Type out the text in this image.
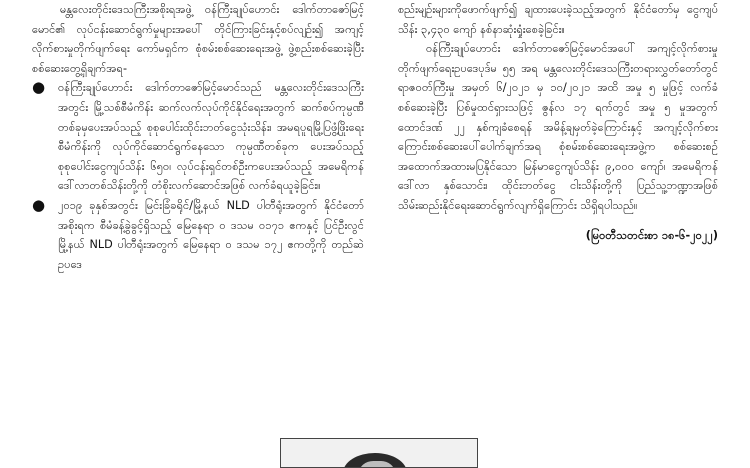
မန္တလေးတိုင်းဒေသကြီးအစိုးရအဖွဲ့ ဝန်ကြီးချုပ်ဟောင်း ဒေါက်တာဇော်မြင့်မောင်၏ လုပ်ငန်းဆောင်ရွက်မှုများအပေါ် တိုင်ကြားခြင်းနှင့်စပ်လျဉ်း၍ အကျင့်လိုက်စားမှုတိုက်ဖျက်ရေး ကော်မရှင်က စုံစမ်းစစ်ဆေးရေးအဖွဲ့ ဖွဲ့စည်းစစ်ဆေးခဲ့ပြီး စစ်ဆေးတွေ့ရှိချက်အရ-

● ဝန်ကြီးချုပ်ဟောင်း ဒေါက်တာဇော်မြင့်မောင်သည် မန္တလေးတိုင်းဒေသကြီးအတွင်း မြို့သစ်စီမံကိန်း ဆက်လက်လုပ်ကိုင်နိုင်ရေးအတွက် ဆက်စပ်ကုမ္ပဏီတစ်ခုမှပေးအပ်သည့် စုစုပေါင်းထိုင်းဘတ်ငွေသုံးသိန်း၊ အမရပူရမြို့ပြဖွံ့ဖြိုးရေးစီမံကိန်းကို လုပ်ကိုင်ဆောင်ရွက်နေသော ကုမ္ပဏီတစ်ခုက ပေးအပ်သည့် စုစုပေါင်းငွေကျပ်သိန်း ၆၅၀၊ လုပ်ငန်းရှင်တစ်ဦးကပေးအပ်သည့် အမေရိကန်ဒေါ်လာတစ်သိန်းတို့ကို တံစိုးလက်ဆောင်အဖြစ် လက်ခံရယူခဲ့ခြင်း။
● ၂၀၁၉ ခုနှစ်အတွင်း မြင်းခြံခရိုင်/မြို့နယ် NLD ပါတီရုံးအတွက် နိုင်ငံတော်အစိုးရက စီမံခန့်ခွဲခွင့်ရှိသည့် မြေနေရာ ၀ ဒသမ ၀၁၇၁ ဧကနှင့် ပြင်ဦးလွင်မြို့နယ် NLD ပါတီရုံးအတွက် မြေနေရာ ၀ ဒသမ ၁၇၂ ဧကတို့ကို တည်ဆဲဥပဒေ

စည်းမျဉ်းများကိုဖောက်ဖျက်၍ ချထားပေးခဲ့သည့်အတွက် နိုင်ငံတော်မှ ငွေကျပ်သိန်း ၃,၄၃၀ ကျော် နစ်နာဆုံးရှုံးစေခဲ့ခြင်း။

ဝန်ကြီးချုပ်ဟောင်း ဒေါက်တာဇော်မြင့်မောင်အပေါ် အကျင့်လိုက်စားမှုတိုက်ဖျက်ရေးဥပဒေပုဒ်မ ၅၅ အရ မန္တလေးတိုင်းဒေသကြီးတရားလွှတ်တော်တွင် ရာဇဝတ်ကြီးမှု အမှတ် ၆/၂၀၂၁ မှ ၁၀/၂၀၂၁ အထိ အမှု ၅ မှုဖြင့် လက်ခံစစ်ဆေးခဲ့ပြီး ပြစ်မှုထင်ရှားသဖြင့် ဇွန်လ ၁၇ ရက်တွင် အမှု ၅ မှုအတွက် ထောင်ဒဏ် ၂၂ နှစ်ကျခံစေရန် အမိန့်ချမှတ်ခဲ့ကြောင်းနှင့် အကျင့်လိုက်စားကြောင်းစစ်ဆေးပေါ်ပေါက်ချက်အရ စုံစမ်းစစ်ဆေးရေးအဖွဲ့က စစ်ဆေးစဉ် အထောက်အထားမပြနိုင်သော မြန်မာငွေကျပ်သိန်း ၉,၀၀၀ ကျော်၊ အမေရိကန်ဒေါ်လာ နှစ်သောင်း၊ ထိုင်းဘတ်ငွေ ငါးသိန်းတို့ကို ပြည်သူ့ဘဏ္ဍာအဖြစ် သိမ်းဆည်းနိုင်ရေးဆောင်ရွက်လျက်ရှိကြောင်း သိရှိရပါသည်။

(မြဝတီသတင်းစာ ၁၈-၆-၂၀၂၂)
